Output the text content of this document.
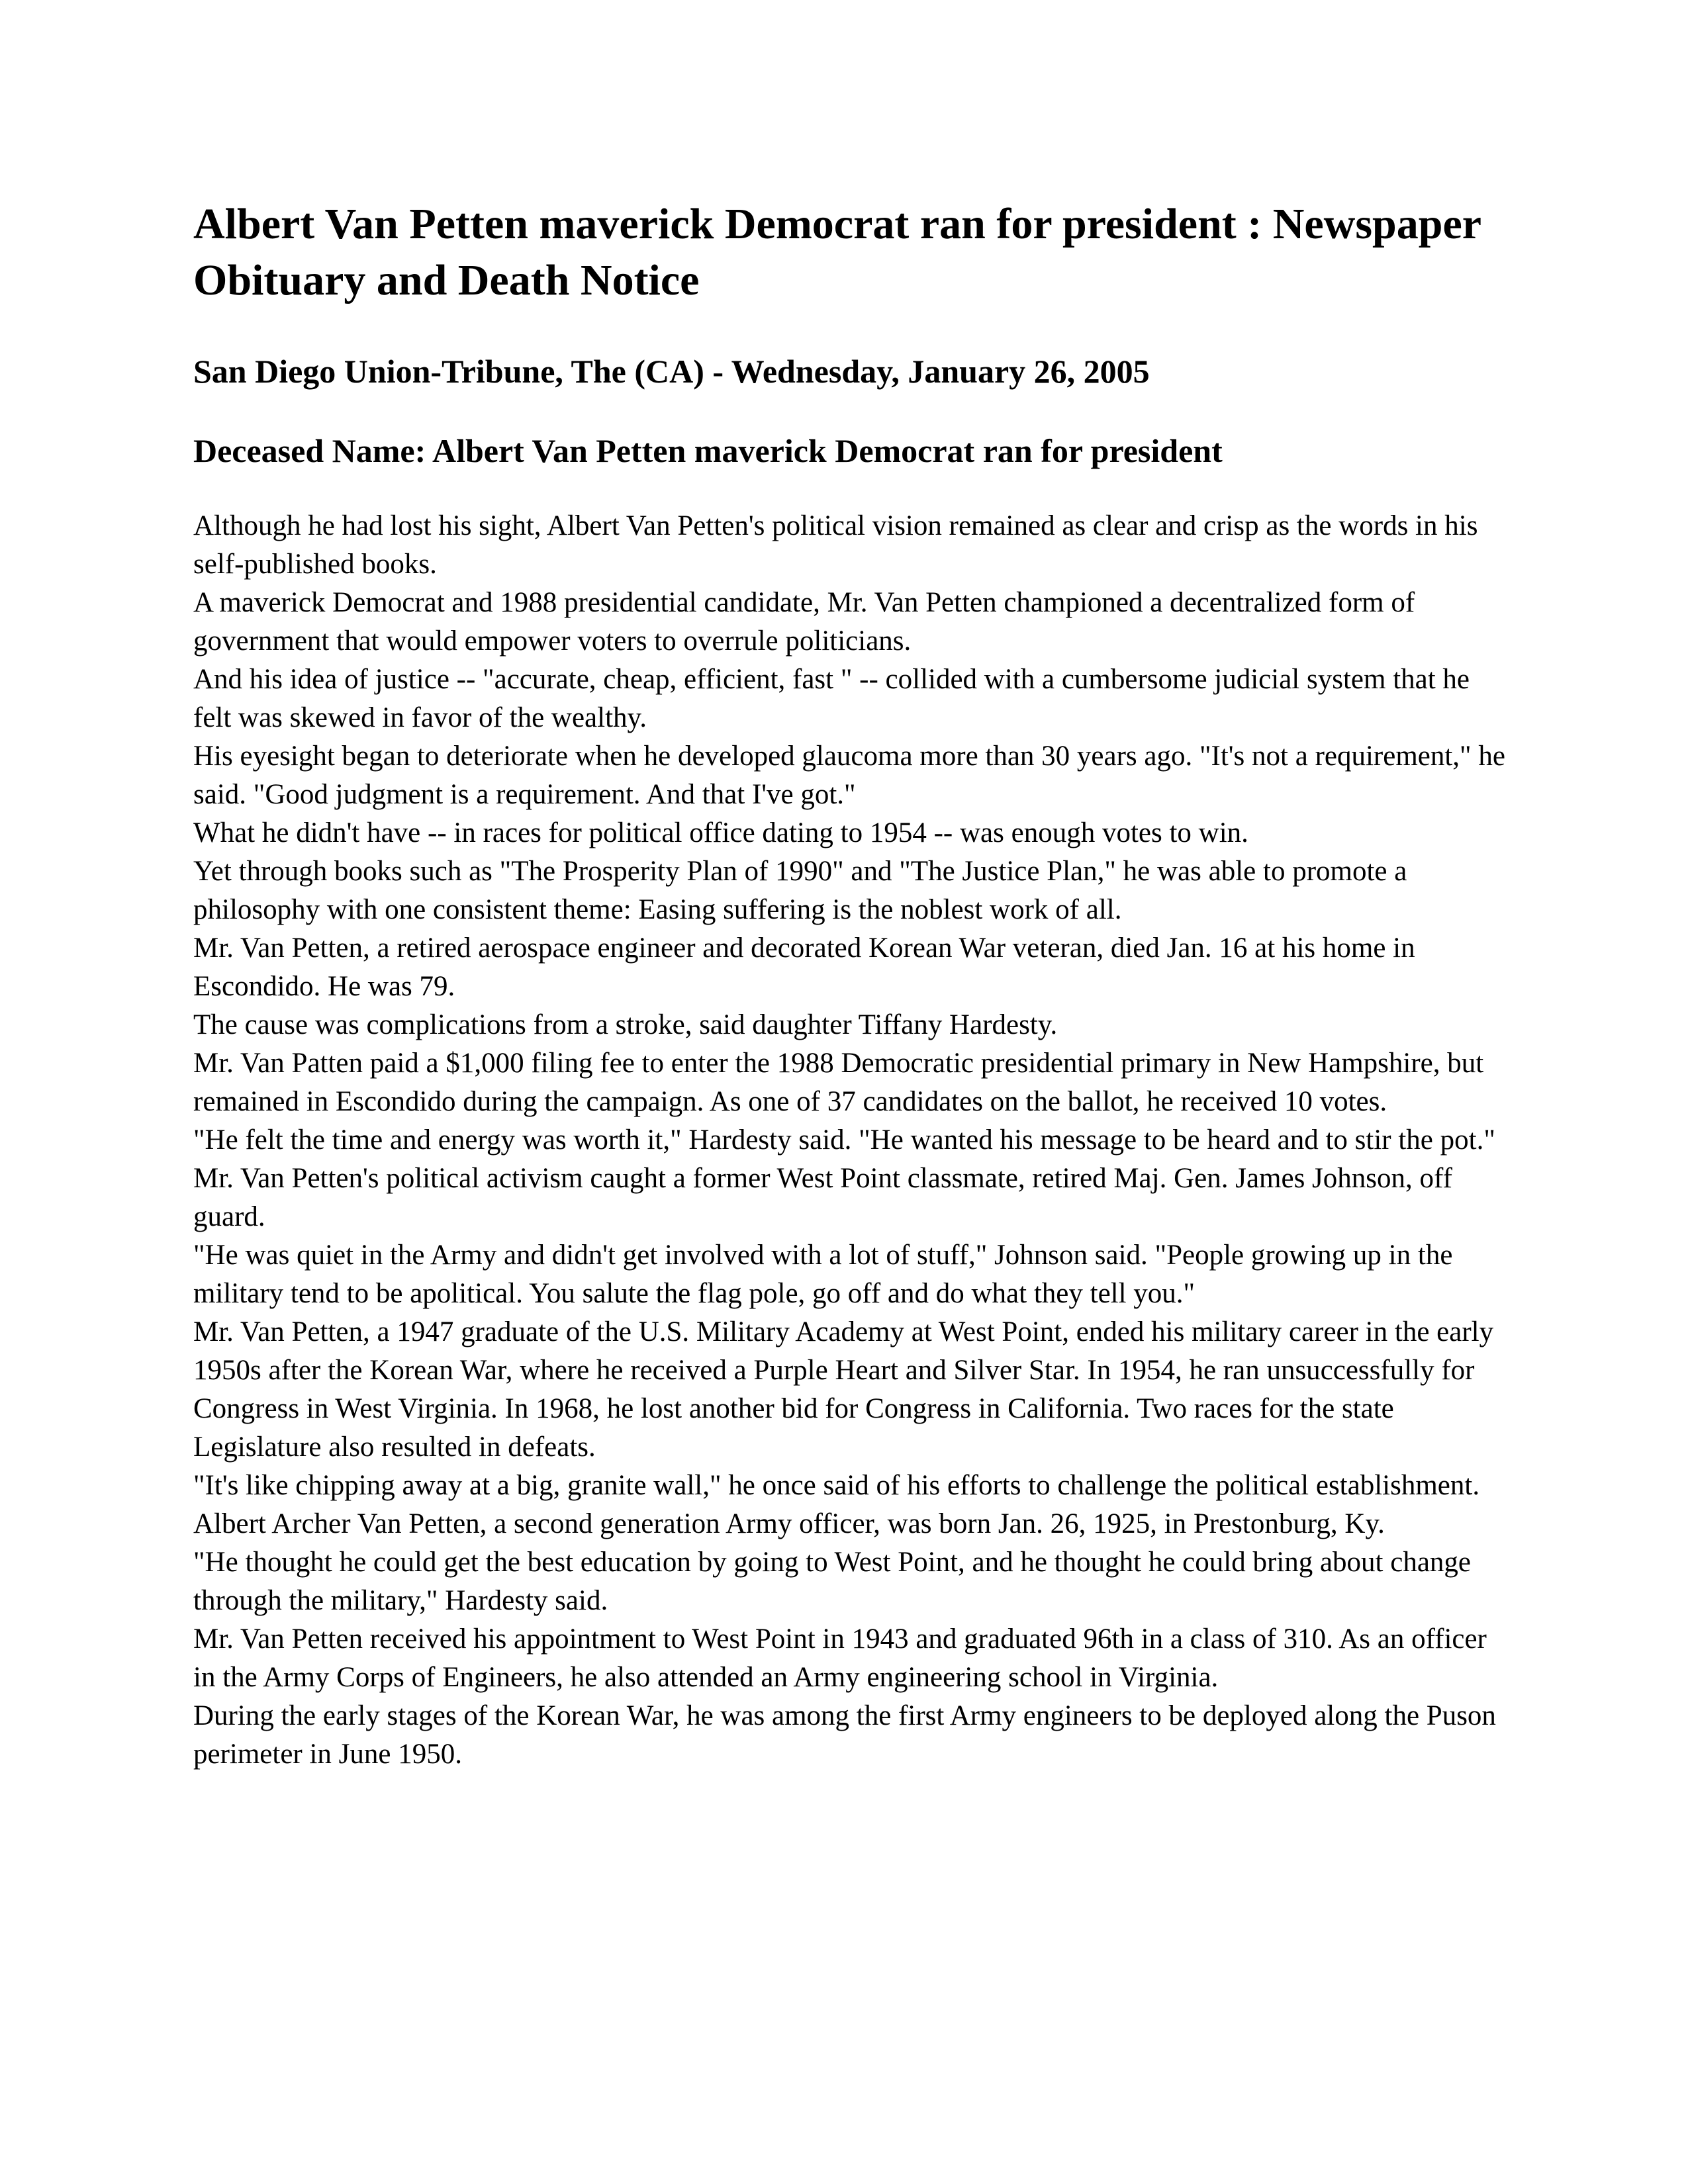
Albert Van Petten maverick Democrat ran for president : Newspaper Obituary and Death Notice

San Diego Union-Tribune, The (CA) - Wednesday, January 26, 2005

Deceased Name: Albert Van Petten maverick Democrat ran for president

Although he had lost his sight, Albert Van Petten's political vision remained as clear and crisp as the words in his self-published books.

A maverick Democrat and 1988 presidential candidate, Mr. Van Petten championed a decentralized form of government that would empower voters to overrule politicians.

And his idea of justice -- "accurate, cheap, efficient, fast " -- collided with a cumbersome judicial system that he felt was skewed in favor of the wealthy.

His eyesight began to deteriorate when he developed glaucoma more than 30 years ago. "It's not a requirement," he said. "Good judgment is a requirement. And that I've got."

What he didn't have -- in races for political office dating to 1954 -- was enough votes to win.

Yet through books such as "The Prosperity Plan of 1990" and "The Justice Plan," he was able to promote a philosophy with one consistent theme: Easing suffering is the noblest work of all.

Mr. Van Petten, a retired aerospace engineer and decorated Korean War veteran, died Jan. 16 at his home in Escondido. He was 79.

The cause was complications from a stroke, said daughter Tiffany Hardesty.

Mr. Van Patten paid a $1,000 filing fee to enter the 1988 Democratic presidential primary in New Hampshire, but remained in Escondido during the campaign. As one of 37 candidates on the ballot, he received 10 votes.

"He felt the time and energy was worth it," Hardesty said. "He wanted his message to be heard and to stir the pot."

Mr. Van Petten's political activism caught a former West Point classmate, retired Maj. Gen. James Johnson, off guard.

"He was quiet in the Army and didn't get involved with a lot of stuff," Johnson said. "People growing up in the military tend to be apolitical. You salute the flag pole, go off and do what they tell you."

Mr. Van Petten, a 1947 graduate of the U.S. Military Academy at West Point, ended his military career in the early 1950s after the Korean War, where he received a Purple Heart and Silver Star. In 1954, he ran unsuccessfully for Congress in West Virginia. In 1968, he lost another bid for Congress in California. Two races for the state Legislature also resulted in defeats.

"It's like chipping away at a big, granite wall," he once said of his efforts to challenge the political establishment. Albert Archer Van Petten, a second generation Army officer, was born Jan. 26, 1925, in Prestonburg, Ky.

"He thought he could get the best education by going to West Point, and he thought he could bring about change through the military," Hardesty said.

Mr. Van Petten received his appointment to West Point in 1943 and graduated 96th in a class of 310. As an officer in the Army Corps of Engineers, he also attended an Army engineering school in Virginia.

During the early stages of the Korean War, he was among the first Army engineers to be deployed along the Puson perimeter in June 1950.
